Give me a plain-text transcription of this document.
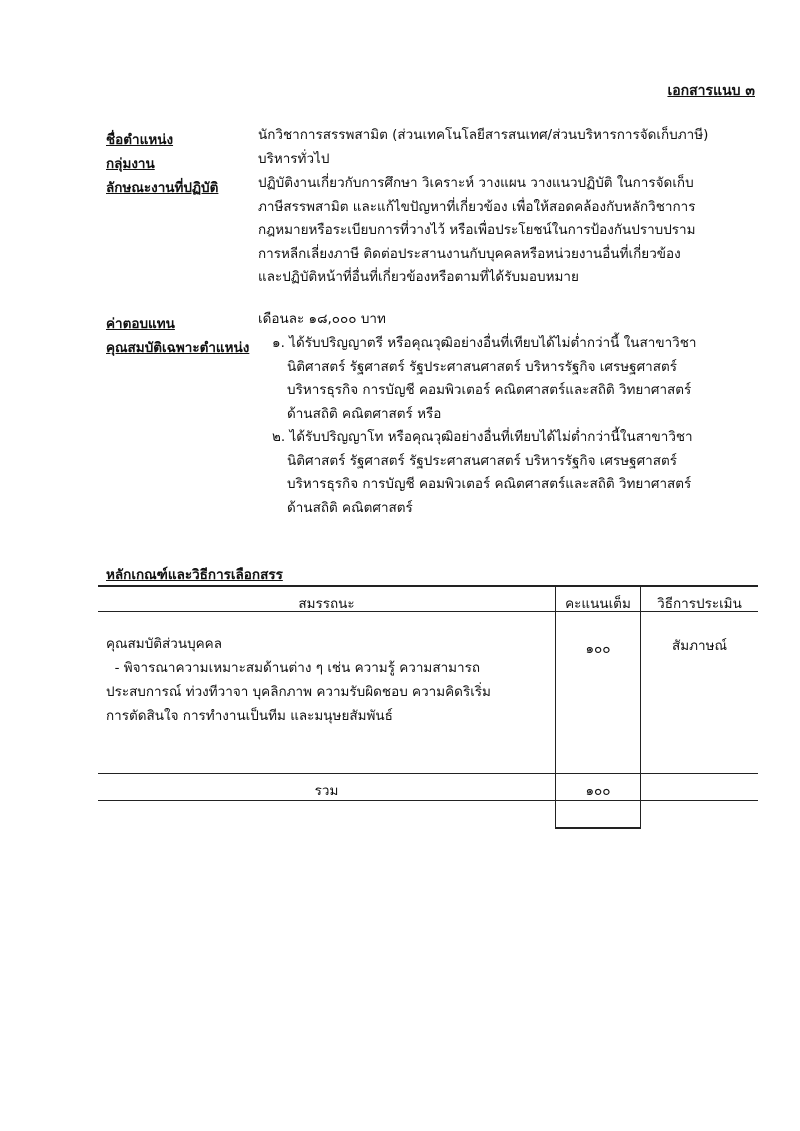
เอกสารแนบ ๓
ชื่อตำแหน่ง	นักวิชาการสรรพสามิต (ส่วนเทคโนโลยีสารสนเทศ/ส่วนบริหารการจัดเก็บภาษี)
กลุ่มงาน	บริหารทั่วไป
ลักษณะงานที่ปฏิบัติ	ปฏิบัติงานเกี่ยวกับการศึกษา วิเคราะห์ วางแผน วางแนวปฏิบัติ ในการจัดเก็บ
ภาษีสรรพสามิต และแก้ไขปัญหาที่เกี่ยวข้อง เพื่อให้สอดคล้องกับหลักวิชาการ
กฎหมายหรือระเบียบการที่วางไว้ หรือเพื่อประโยชน์ในการป้องกันปราบปราม
การหลีกเลี่ยงภาษี ติดต่อประสานงานกับบุคคลหรือหน่วยงานอื่นที่เกี่ยวข้อง
และปฏิบัติหน้าที่อื่นที่เกี่ยวข้องหรือตามที่ได้รับมอบหมาย
ค่าตอบแทน	เดือนละ ๑๘,๐๐๐ บาท
คุณสมบัติเฉพาะตำแหน่ง ๑. ได้รับปริญญาตรี หรือคุณวุฒิอย่างอื่นที่เทียบได้ไม่ต่ำกว่านี้ ในสาขาวิชา
นิติศาสตร์ รัฐศาสตร์ รัฐประศาสนศาสตร์ บริหารรัฐกิจ เศรษฐศาสตร์
บริหารธุรกิจ การบัญชี คอมพิวเตอร์ คณิตศาสตร์และสถิติ วิทยาศาสตร์
ด้านสถิติ คณิตศาสตร์ หรือ
๒. ได้รับปริญญาโท หรือคุณวุฒิอย่างอื่นที่เทียบได้ไม่ต่ำกว่านี้ในสาขาวิชา
นิติศาสตร์ รัฐศาสตร์ รัฐประศาสนศาสตร์ บริหารรัฐกิจ เศรษฐศาสตร์
บริหารธุรกิจ การบัญชี คอมพิวเตอร์ คณิตศาสตร์และสถิติ วิทยาศาสตร์
ด้านสถิติ คณิตศาสตร์
หลักเกณฑ์และวิธีการเลือกสรร
สมรรถนะ	คะแนนเต็ม	วิธีการประเมิน
คุณสมบัติส่วนบุคคล
- พิจารณาความเหมาะสมด้านต่าง ๆ เช่น ความรู้ ความสามารถ
ประสบการณ์ ท่วงทีวาจา บุคลิกภาพ ความรับผิดชอบ ความคิดริเริ่ม
การตัดสินใจ การทำงานเป็นทีม และมนุษยสัมพันธ์
๑๐๐	สัมภาษณ์
รวม	๑๐๐
